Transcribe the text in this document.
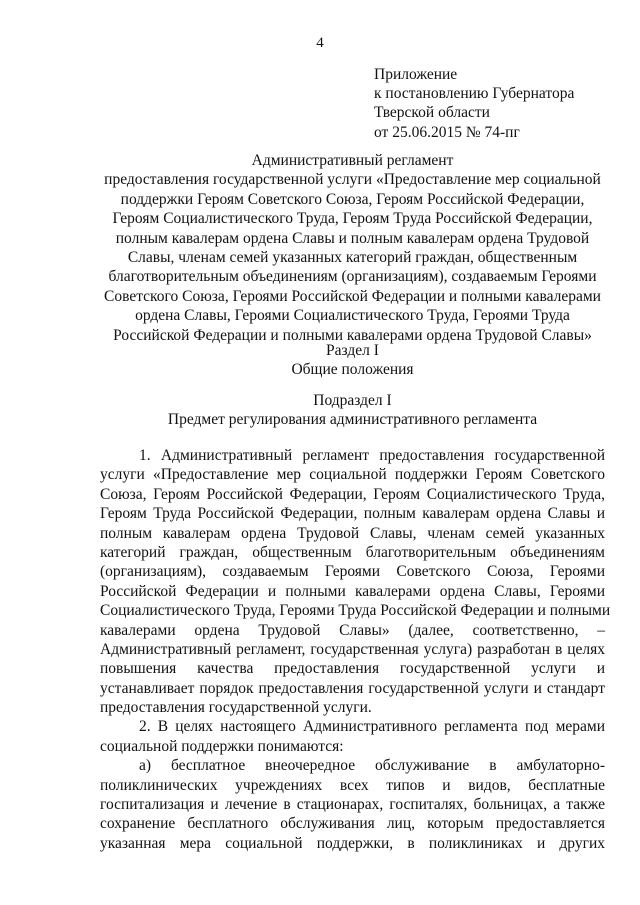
4
Приложение
к постановлению Губернатора
Тверской области
от 25.06.2015 № 74-пг
Административный регламент
предоставления государственной услуги «Предоставление мер социальной
поддержки Героям Советского Союза, Героям Российской Федерации,
Героям Социалистического Труда, Героям Труда Российской Федерации,
полным кавалерам ордена Славы и полным кавалерам ордена Трудовой
Славы, членам семей указанных категорий граждан, общественным
благотворительным объединениям (организациям), создаваемым Героями
Советского Союза, Героями Российской Федерации и полными кавалерами
ордена Славы, Героями Социалистического Труда, Героями Труда
Российской Федерации и полными кавалерами ордена Трудовой Славы»
Раздел I
Общие положения
Подраздел I
Предмет регулирования административного регламента
1. Административный регламент предоставления государственной
услуги «Предоставление мер социальной поддержки Героям Советского
Союза, Героям Российской Федерации, Героям Социалистического Труда,
Героям Труда Российской Федерации, полным кавалерам ордена Славы и
полным кавалерам ордена Трудовой Славы, членам семей указанных
категорий граждан, общественным благотворительным объединениям
(организациям), создаваемым Героями Советского Союза, Героями
Российской Федерации и полными кавалерами ордена Славы, Героями
Социалистического Труда, Героями Труда Российской Федерации и полными
кавалерами ордена Трудовой Славы» (далее, соответственно, –
Административный регламент, государственная услуга) разработан в целях
повышения качества предоставления государственной услуги и
устанавливает порядок предоставления государственной услуги и стандарт
предоставления государственной услуги.
2. В целях настоящего Административного регламента под мерами
социальной поддержки понимаются:
а) бесплатное внеочередное обслуживание в амбулаторно-
поликлинических учреждениях всех типов и видов, бесплатные
госпитализация и лечение в стационарах, госпиталях, больницах, а также
сохранение бесплатного обслуживания лиц, которым предоставляется
указанная мера социальной поддержки, в поликлиниках и других
